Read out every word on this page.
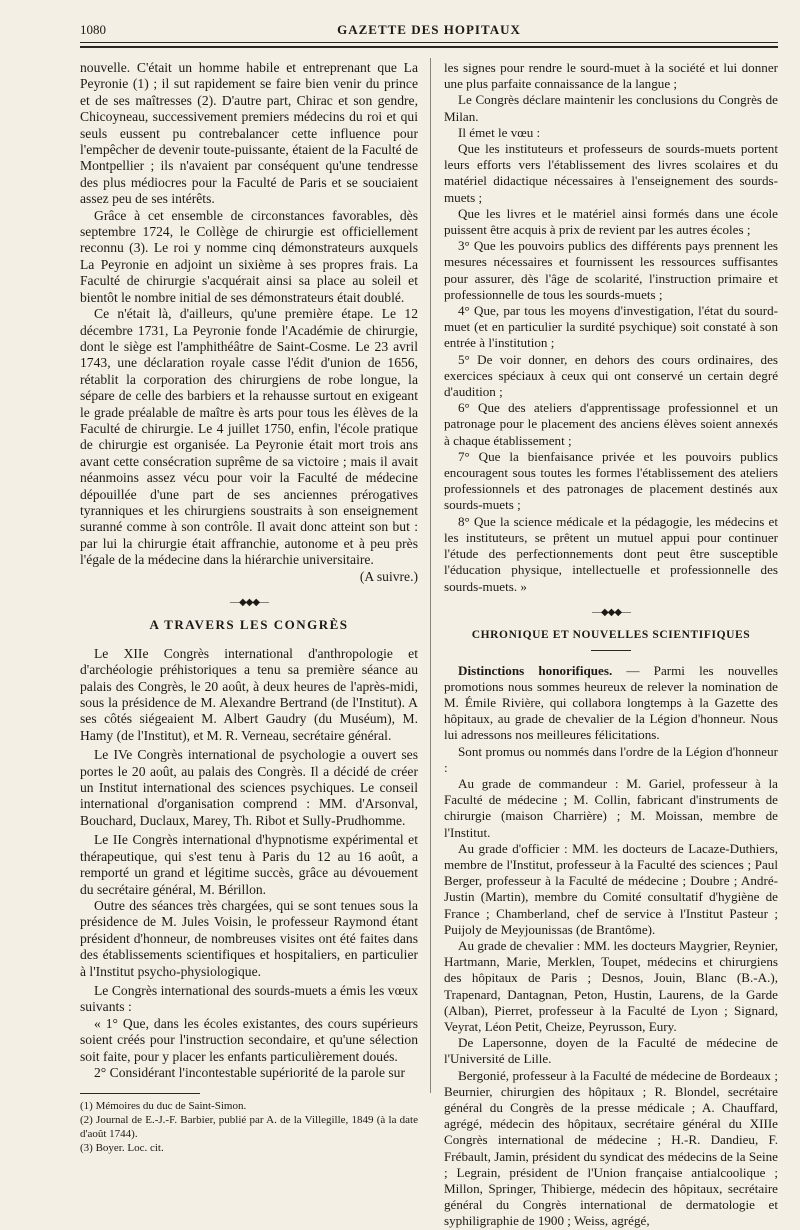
1080	GAZETTE DES HOPITAUX

nouvelle. C'était un homme habile et entreprenant que La Peyronie (1) ; il sut rapidement se faire bien venir du prince et de ses maîtresses (2). D'autre part, Chirac et son gendre, Chicoyneau, successivement premiers médecins du roi et qui seuls eussent pu contrebalancer cette influence pour l'empêcher de devenir toute-puissante, étaient de la Faculté de Montpellier ; ils n'avaient par conséquent qu'une tendresse des plus médiocres pour la Faculté de Paris et se souciaient assez peu de ses intérêts.

Grâce à cet ensemble de circonstances favorables, dès septembre 1724, le Collège de chirurgie est officiellement reconnu (3). Le roi y nomme cinq démonstrateurs auxquels La Peyronie en adjoint un sixième à ses propres frais. La Faculté de chirurgie s'acquérait ainsi sa place au soleil et bientôt le nombre initial de ses démonstrateurs était doublé.

Ce n'était là, d'ailleurs, qu'une première étape. Le 12 décembre 1731, La Peyronie fonde l'Académie de chirurgie, dont le siège est l'amphithéâtre de Saint-Cosme. Le 23 avril 1743, une déclaration royale casse l'édit d'union de 1656, rétablit la corporation des chirurgiens de robe longue, la sépare de celle des barbiers et la rehausse surtout en exigeant le grade préalable de maître ès arts pour tous les élèves de la Faculté de chirurgie. Le 4 juillet 1750, enfin, l'école pratique de chirurgie est organisée. La Peyronie était mort trois ans avant cette consécration suprême de sa victoire ; mais il avait néanmoins assez vécu pour voir la Faculté de médecine dépouillée d'une part de ses anciennes prérogatives tyranniques et les chirurgiens soustraits à son enseignement suranné comme à son contrôle. Il avait donc atteint son but : par lui la chirurgie était affranchie, autonome et à peu près l'égale de la médecine dans la hiérarchie universitaire.

(A suivre.)

—◆◆◆—
A TRAVERS LES CONGRÈS

Le XIIe Congrès international d'anthropologie et d'archéologie préhistoriques a tenu sa première séance au palais des Congrès, le 20 août, à deux heures de l'après-midi, sous la présidence de M. Alexandre Bertrand (de l'Institut). A ses côtés siégeaient M. Albert Gaudry (du Muséum), M. Hamy (de l'Institut), et M. R. Verneau, secrétaire général.

Le IVe Congrès international de psychologie a ouvert ses portes le 20 août, au palais des Congrès. Il a décidé de créer un Institut international des sciences psychiques. Le conseil international d'organisation comprend : MM. d'Arsonval, Bouchard, Duclaux, Marey, Th. Ribot et Sully-Prudhomme.

Le IIe Congrès international d'hypnotisme expérimental et thérapeutique, qui s'est tenu à Paris du 12 au 16 août, a remporté un grand et légitime succès, grâce au dévouement du secrétaire général, M. Bérillon.

Outre des séances très chargées, qui se sont tenues sous la présidence de M. Jules Voisin, le professeur Raymond étant président d'honneur, de nombreuses visites ont été faites dans des établissements scientifiques et hospitaliers, en particulier à l'Institut psycho-physiologique.

Le Congrès international des sourds-muets a émis les vœux suivants :

« 1° Que, dans les écoles existantes, des cours supérieurs soient créés pour l'instruction secondaire, et qu'une sélection soit faite, pour y placer les enfants particulièrement doués.

2° Considérant l'incontestable supériorité de la parole sur

(1) Mémoires du duc de Saint-Simon.

(2) Journal de E.-J.-F. Barbier, publié par A. de la Villegille, 1849 (à la date d'août 1744).

(3) Boyer. Loc. cit.

les signes pour rendre le sourd-muet à la société et lui donner une plus parfaite connaissance de la langue ;

Le Congrès déclare maintenir les conclusions du Congrès de Milan.

Il émet le vœu :

Que les instituteurs et professeurs de sourds-muets portent leurs efforts vers l'établissement des livres scolaires et du matériel didactique nécessaires à l'enseignement des sourds-muets ;

Que les livres et le matériel ainsi formés dans une école puissent être acquis à prix de revient par les autres écoles ;

3° Que les pouvoirs publics des différents pays prennent les mesures nécessaires et fournissent les ressources suffisantes pour assurer, dès l'âge de scolarité, l'instruction primaire et professionnelle de tous les sourds-muets ;

4° Que, par tous les moyens d'investigation, l'état du sourd-muet (et en particulier la surdité psychique) soit constaté à son entrée à l'institution ;

5° De voir donner, en dehors des cours ordinaires, des exercices spéciaux à ceux qui ont conservé un certain degré d'audition ;

6° Que des ateliers d'apprentissage professionnel et un patronage pour le placement des anciens élèves soient annexés à chaque établissement ;

7° Que la bienfaisance privée et les pouvoirs publics encouragent sous toutes les formes l'établissement des ateliers professionnels et des patronages de placement destinés aux sourds-muets ;

8° Que la science médicale et la pédagogie, les médecins et les instituteurs, se prêtent un mutuel appui pour continuer l'étude des perfectionnements dont peut être susceptible l'éducation physique, intellectuelle et professionnelle des sourds-muets. »

—◆◆◆—
CHRONIQUE ET NOUVELLES SCIENTIFIQUES

Distinctions honorifiques. — Parmi les nouvelles promotions nous sommes heureux de relever la nomination de M. Émile Rivière, qui collabora longtemps à la Gazette des hôpitaux, au grade de chevalier de la Légion d'honneur. Nous lui adressons nos meilleures félicitations.

Sont promus ou nommés dans l'ordre de la Légion d'honneur :

Au grade de commandeur : M. Gariel, professeur à la Faculté de médecine ; M. Collin, fabricant d'instruments de chirurgie (maison Charrière) ; M. Moissan, membre de l'Institut.

Au grade d'officier : MM. les docteurs de Lacaze-Duthiers, membre de l'Institut, professeur à la Faculté des sciences ; Paul Berger, professeur à la Faculté de médecine ; Doubre ; André-Justin (Martin), membre du Comité consultatif d'hygiène de France ; Chamberland, chef de service à l'Institut Pasteur ; Puijoly de Meyjounissas (de Brantôme).

Au grade de chevalier : MM. les docteurs Maygrier, Reynier, Hartmann, Marie, Merklen, Toupet, médecins et chirurgiens des hôpitaux de Paris ; Desnos, Jouin, Blanc (B.-A.), Trapenard, Dantagnan, Peton, Hustin, Laurens, de la Garde (Alban), Pierret, professeur à la Faculté de Lyon ; Signard, Veyrat, Léon Petit, Cheize, Peyrusson, Eury.

De Lapersonne, doyen de la Faculté de médecine de l'Université de Lille.

Bergonié, professeur à la Faculté de médecine de Bordeaux ; Beurnier, chirurgien des hôpitaux ; R. Blondel, secrétaire général du Congrès de la presse médicale ; A. Chauffard, agrégé, médecin des hôpitaux, secrétaire général du XIIIe Congrès international de médecine ; H.-R. Dandieu, F. Frébault, Jamin, président du syndicat des médecins de la Seine ; Legrain, président de l'Union française antialcoolique ; Millon, Springer, Thibierge, médecin des hôpitaux, secrétaire général du Congrès international de dermatologie et syphiligraphie de 1900 ; Weiss, agrégé,
